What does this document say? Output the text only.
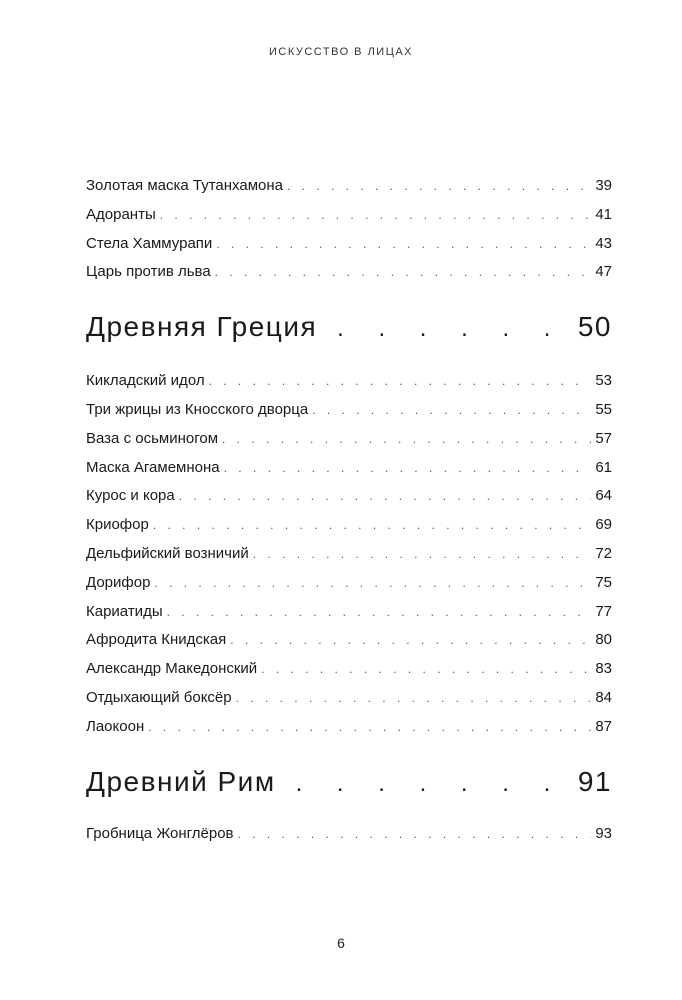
ИСКУССТВО В ЛИЦАХ
Золотая маска Тутанхамона . . .	39
Адоранты . . .	41
Стела Хаммурапи . . .	43
Царь против льва . . .	47
Древняя Греция . . .	50
Кикладский идол . . .	53
Три жрицы из Кносского дворца . . .	55
Ваза с осьминогом . . .	57
Маска Агамемнона . . .	61
Курос и кора . . .	64
Криофор . . .	69
Дельфийский возничий . . .	72
Дорифор . . .	75
Кариатиды . . .	77
Афродита Книдская . . .	80
Александр Македонский . . .	83
Отдыхающий боксёр . . .	84
Лаокоон . . .	87
Древний Рим . . .	91
Гробница Жонглёров . . .	93
6
